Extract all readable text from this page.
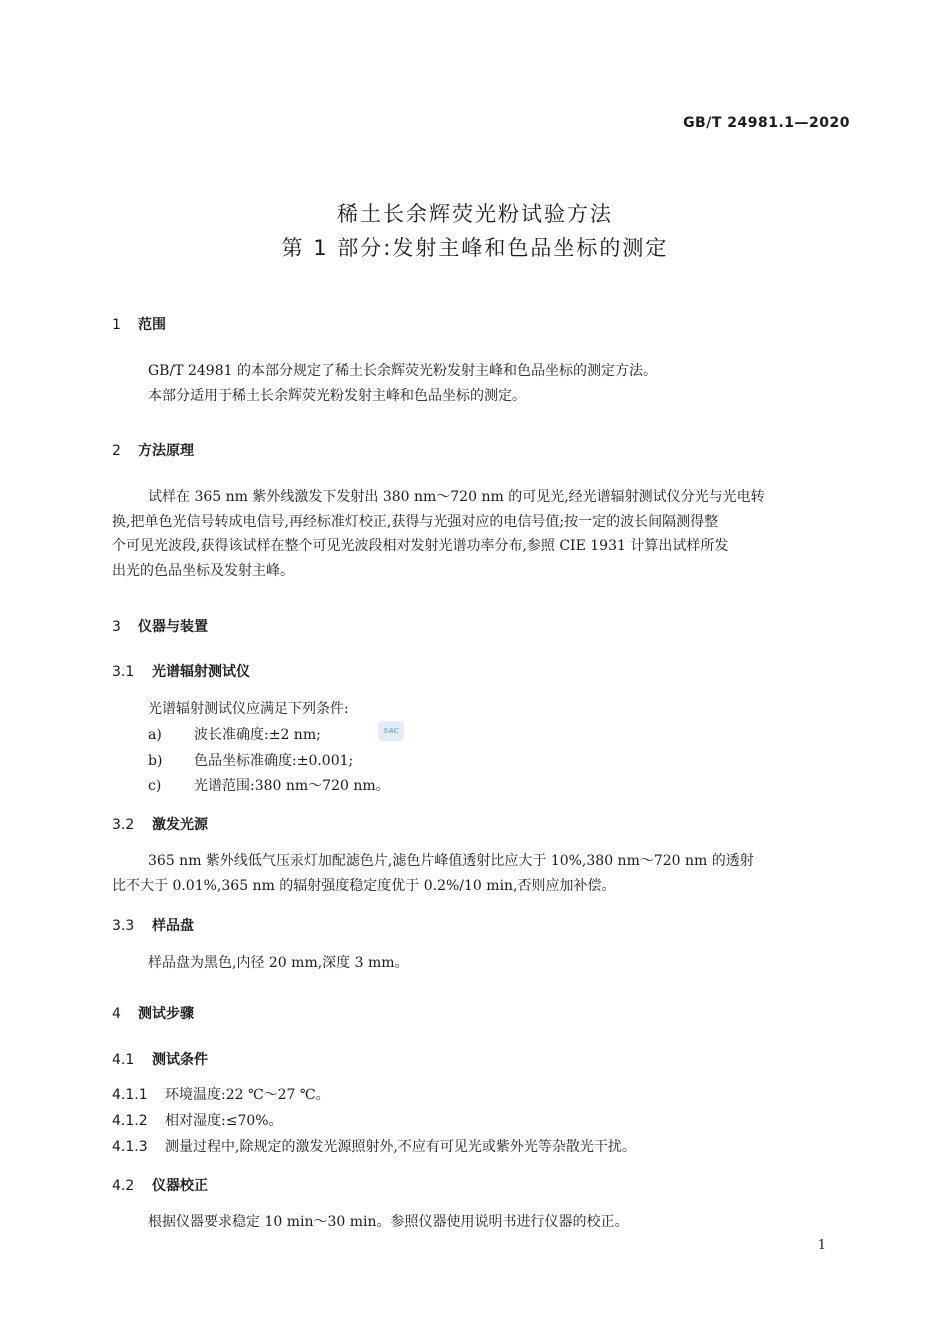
GB/T 24981.1—2020
稀土长余辉荧光粉试验方法
第 1 部分:发射主峰和色品坐标的测定
1 范围
GB/T 24981 的本部分规定了稀土长余辉荧光粉发射主峰和色品坐标的测定方法。
本部分适用于稀土长余辉荧光粉发射主峰和色品坐标的测定。
2 方法原理
试样在 365 nm 紫外线激发下发射出 380 nm～720 nm 的可见光,经光谱辐射测试仪分光与光电转
换,把单色光信号转成电信号,再经标准灯校正,获得与光强对应的电信号值;按一定的波长间隔测得整
个可见光波段,获得该试样在整个可见光波段相对发射光谱功率分布,参照 CIE 1931 计算出试样所发
出光的色品坐标及发射主峰。
3 仪器与装置
3.1 光谱辐射测试仪
光谱辐射测试仪应满足下列条件:
a) 波长准确度:±2 nm;
b) 色品坐标准确度:±0.001;
c) 光谱范围:380 nm～720 nm。
SAC
3.2 激发光源
365 nm 紫外线低气压汞灯加配滤色片,滤色片峰值透射比应大于 10%,380 nm～720 nm 的透射
比不大于 0.01%,365 nm 的辐射强度稳定度优于 0.2%/10 min,否则应加补偿。
3.3 样品盘
样品盘为黑色,内径 20 mm,深度 3 mm。
4 测试步骤
4.1 测试条件
4.1.1 环境温度:22 ℃～27 ℃。
4.1.2 相对湿度:≤70%。
4.1.3 测量过程中,除规定的激发光源照射外,不应有可见光或紫外光等杂散光干扰。
4.2 仪器校正
根据仪器要求稳定 10 min～30 min。参照仪器使用说明书进行仪器的校正。
1
